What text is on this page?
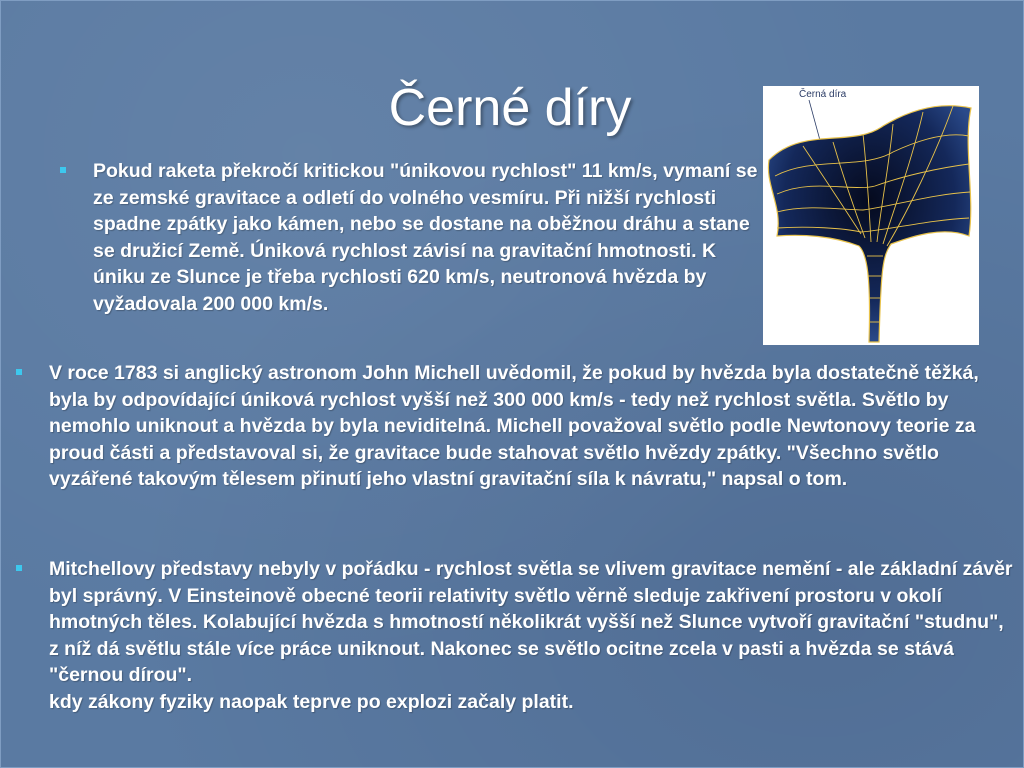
Černé díry	Černá díra

Pokud raketa překročí kritickou "únikovou rychlost" 11 km/s, vymaní se ze zemské gravitace a odletí do volného vesmíru. Při nižší rychlosti spadne zpátky jako kámen, nebo se dostane na oběžnou dráhu a stane se družicí Země. Úniková rychlost závisí na gravitační hmotnosti. K úniku ze Slunce je třeba rychlosti 620 km/s, neutronová hvězda by vyžadovala 200 000 km/s.

V roce 1783 si anglický astronom John Michell uvědomil, že pokud by hvězda byla dostatečně těžká, byla by odpovídající úniková rychlost vyšší než 300 000 km/s - tedy než rychlost světla. Světlo by nemohlo uniknout a hvězda by byla neviditelná. Michell považoval světlo podle Newtonovy teorie za proud části a představoval si, že gravitace bude stahovat světlo hvězdy zpátky. "Všechno světlo vyzářené takovým tělesem přinutí jeho vlastní gravitační síla k návratu," napsal o tom.

Mitchellovy představy nebyly v pořádku - rychlost světla se vlivem gravitace nemění - ale základní závěr byl správný. V Einsteinově obecné teorii relativity světlo věrně sleduje zakřivení prostoru v okolí hmotných těles. Kolabující hvězda s hmotností několikrát vyšší než Slunce vytvoří gravitační "studnu", z níž dá světlu stále více práce uniknout. Nakonec se světlo ocitne zcela v pasti a hvězda se stává "černou dírou".

kdy zákony fyziky naopak teprve po explozi začaly platit.
